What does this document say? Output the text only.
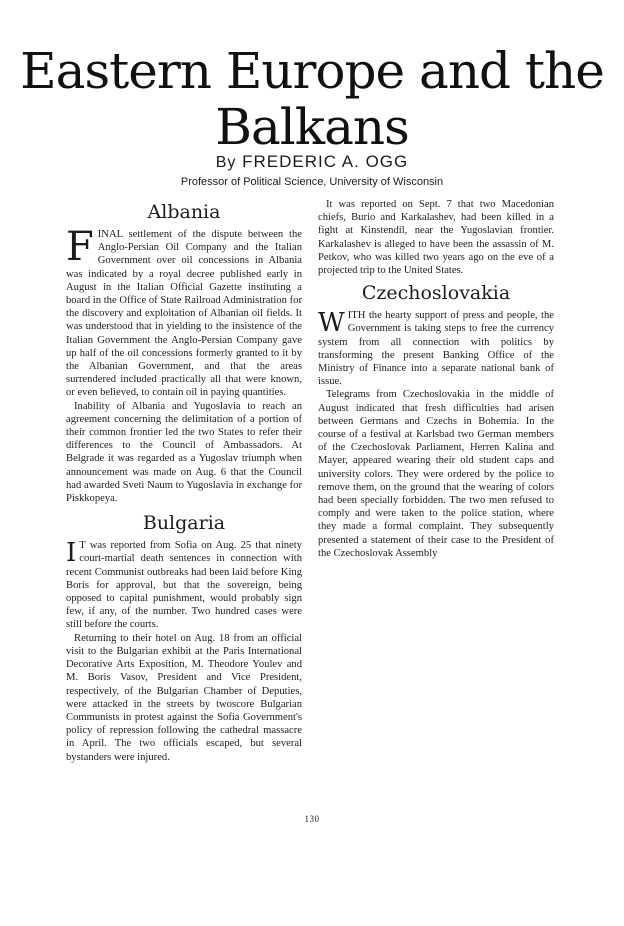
Eastern Europe and the
Balkans
By FREDERIC A. OGG
Professor of Political Science, University of Wisconsin
Albania

FINAL settlement of the dispute between the Anglo-Persian Oil Company and the Italian Government over oil concessions in Albania was indicated by a royal decree published early in August in the Italian Official Gazette instituting a board in the Office of State Railroad Administration for the discovery and exploitation of Albanian oil fields. It was understood that in yielding to the insistence of the Italian Government the Anglo-Persian Company gave up half of the oil concessions formerly granted to it by the Albanian Government, and that the areas surrendered included practically all that were known, or even believed, to contain oil in paying quantities.

Inability of Albania and Yugoslavia to reach an agreement concerning the delimitation of a portion of their common frontier led the two States to refer their differences to the Council of Ambassadors. At Belgrade it was regarded as a Yugoslav triumph when announcement was made on Aug. 6 that the Council had awarded Sveti Naum to Yugoslavia in exchange for Piskkopeya.

Bulgaria

I T was reported from Sofia on Aug. 25 that ninety court-martial death sentences in connection with recent Communist outbreaks had been laid before King Boris for approval, but that the sovereign, being opposed to capital punishment, would probably sign few, if any, of the number. Two hundred cases were still before the courts.

Returning to their hotel on Aug. 18 from an official visit to the Bulgarian exhibit at the Paris International Decorative Arts Exposition, M. Theodore Youlev and M. Boris Vasov, President and Vice President, respectively, of the Bulgarian Chamber of Deputies, were attacked in the streets by twoscore Bulgarian Communists in protest against the Sofia Government's policy of repression following the cathedral massacre in April. The two officials escaped, but several bystanders were injured.

It was reported on Sept. 7 that two Macedonian chiefs, Burio and Karkalashev, had been killed in a fight at Kinstendil, near the Yugoslavian frontier. Karkalashev is alleged to have been the assassin of M. Petkov, who was killed two years ago on the eve of a projected trip to the United States.

Czechoslovakia

WITH the hearty support of press and people, the Government is taking steps to free the currency system from all connection with politics by transforming the present Banking Office of the Ministry of Finance into a separate national bank of issue.

Telegrams from Czechoslovakia in the middle of August indicated that fresh difficulties had arisen between Germans and Czechs in Bohemia. In the course of a festival at Karlsbad two German members of the Czechoslovak Parliament, Herren Kalina and Mayer, appeared wearing their old student caps and university colors. They were ordered by the police to remove them, on the ground that the wearing of colors had been specially forbidden. The two men refused to comply and were taken to the police station, where they made a formal complaint. They subsequently presented a statement of their case to the President of the Czechoslovak Assembly

130
